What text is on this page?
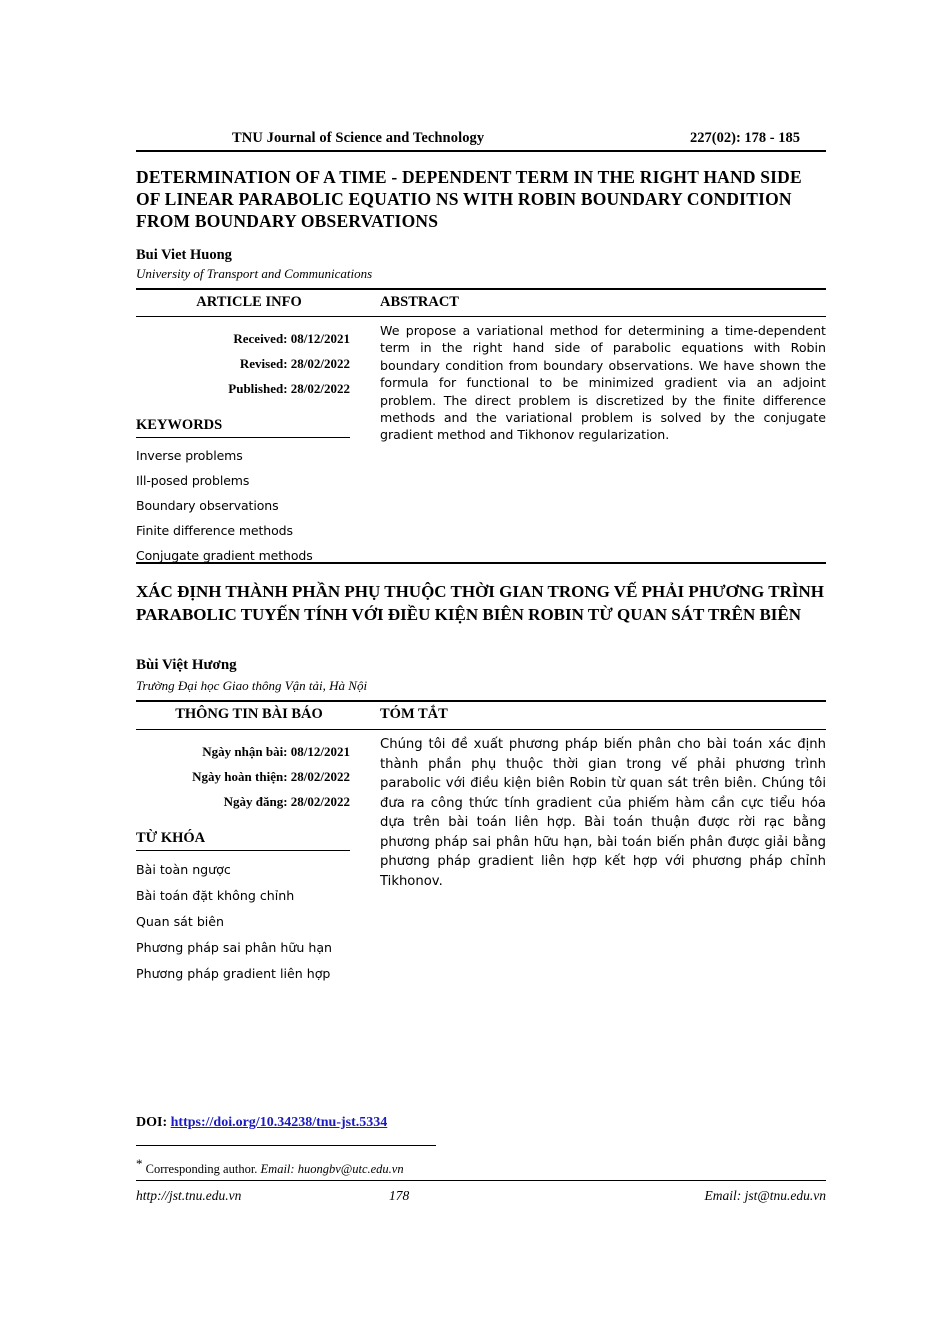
TNU Journal of Science and Technology	227(02): 178 - 185
DETERMINATION OF A TIME - DEPENDENT TERM IN THE RIGHT HAND SIDE OF LINEAR PARABOLIC EQUATIO NS WITH ROBIN BOUNDARY CONDITION FROM BOUNDARY OBSERVATIONS
Bui Viet Huong
University of Transport and Communications
ARTICLE INFO	ABSTRACT
Received: 08/12/2021
Revised: 28/02/2022
Published: 28/02/2022
KEYWORDS
Inverse problems
Ill-posed problems
Boundary observations
Finite difference methods
Conjugate gradient methods
We propose a variational method for determining a time-dependent term in the right hand side of parabolic equations with Robin boundary condition from boundary observations. We have shown the formula for functional to be minimized gradient via an adjoint problem. The direct problem is discretized by the finite difference methods and the variational problem is solved by the conjugate gradient method and Tikhonov regularization.
XÁC ĐỊNH THÀNH PHẦN PHỤ THUỘC THỜI GIAN TRONG VẾ PHẢI PHƯƠNG TRÌNH PARABOLIC TUYẾN TÍNH VỚI ĐIỀU KIỆN BIÊN ROBIN TỪ QUAN SÁT TRÊN BIÊN
Bùi Việt Hương
Trường Đại học Giao thông Vận tải, Hà Nội
THÔNG TIN BÀI BÁO	TÓM TẮT
Ngày nhận bài: 08/12/2021
Ngày hoàn thiện: 28/02/2022
Ngày đăng: 28/02/2022
TỪ KHÓA
Bài toàn ngược
Bài toán đặt không chỉnh
Quan sát biên
Phương pháp sai phân hữu hạn
Phương pháp gradient liên hợp
Chúng tôi đề xuất phương pháp biến phân cho bài toán xác định thành phần phụ thuộc thời gian trong vế phải phương trình parabolic với điều kiện biên Robin từ quan sát trên biên. Chúng tôi đưa ra công thức tính gradient của phiếm hàm cần cực tiểu hóa dựa trên bài toán liên hợp. Bài toán thuận được rời rạc bằng phương pháp sai phân hữu hạn, bài toán biến phân được giải bằng phương pháp gradient liên hợp kết hợp với phương pháp chỉnh Tikhonov.
DOI: https://doi.org/10.34238/tnu-jst.5334
* Corresponding author. Email: huongbv@utc.edu.vn
http://jst.tnu.edu.vn	178	Email: jst@tnu.edu.vn
